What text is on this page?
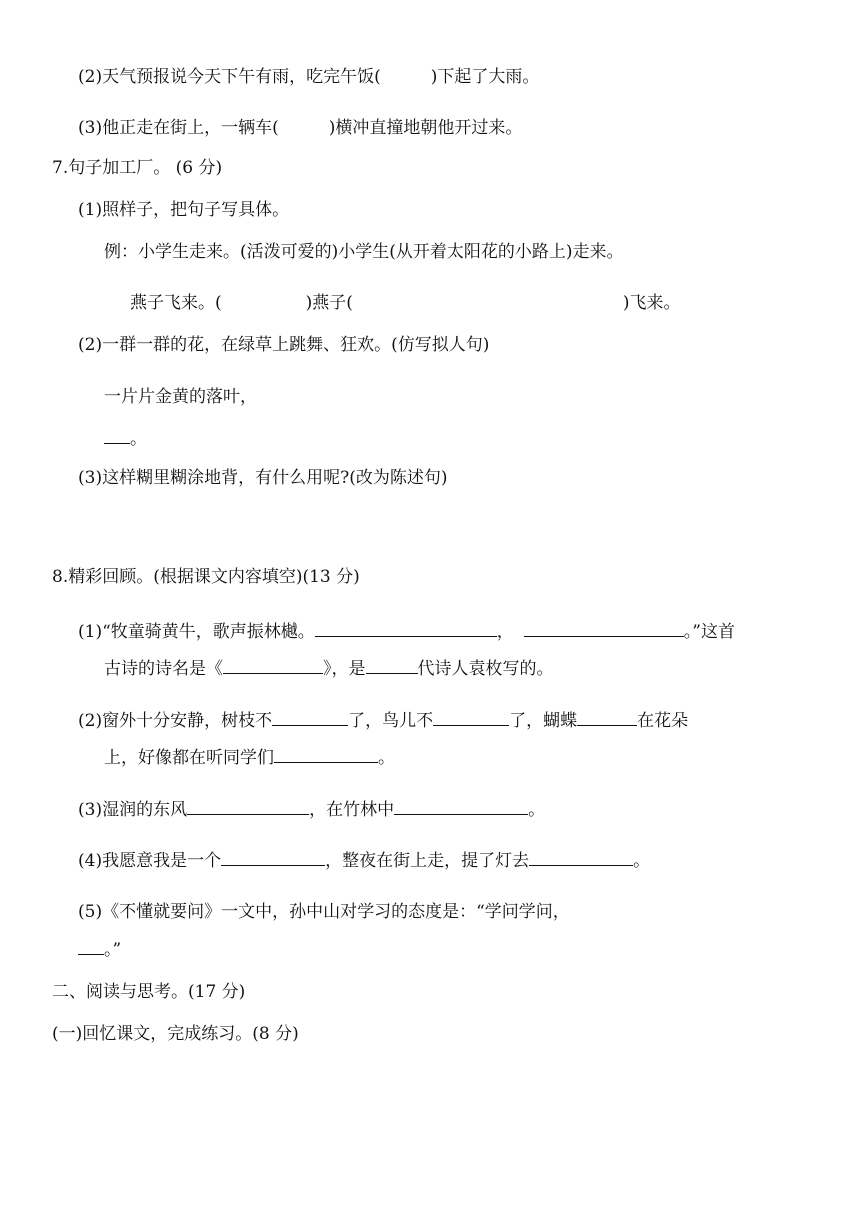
(2)天气预报说今天下午有雨，吃完午饭(	)下起了大雨。
(3)他正走在街上，一辆车(	)横冲直撞地朝他开过来。
7.句子加工厂。 (6 分)
(1)照样子，把句子写具体。
例：小学生走来。(活泼可爱的)小学生(从开着太阳花的小路上)走来。
燕子飞来。(	)燕子(	)飞来。
(2)一群一群的花，在绿草上跳舞、狂欢。(仿写拟人句)
一片片金黄的落叶，
。
(3)这样糊里糊涂地背，有什么用呢?(改为陈述句)
8.精彩回顾。(根据课文内容填空)(13 分)
(1)“牧童骑黄牛，歌声振林樾。	，	。”这首
古诗的诗名是《	》，是	代诗人袁枚写的。
(2)窗外十分安静，树枝不	了，鸟儿不	了，蝴蝶	在花朵
上，好像都在听同学们	。
(3)湿润的东风	，在竹林中	。
(4)我愿意我是一个	，整夜在街上走，提了灯去	。
(5)《不懂就要问》一文中，孙中山对学习的态度是：“学问学问，
。”
二、阅读与思考。(17 分)
(一)回忆课文，完成练习。(8 分)
